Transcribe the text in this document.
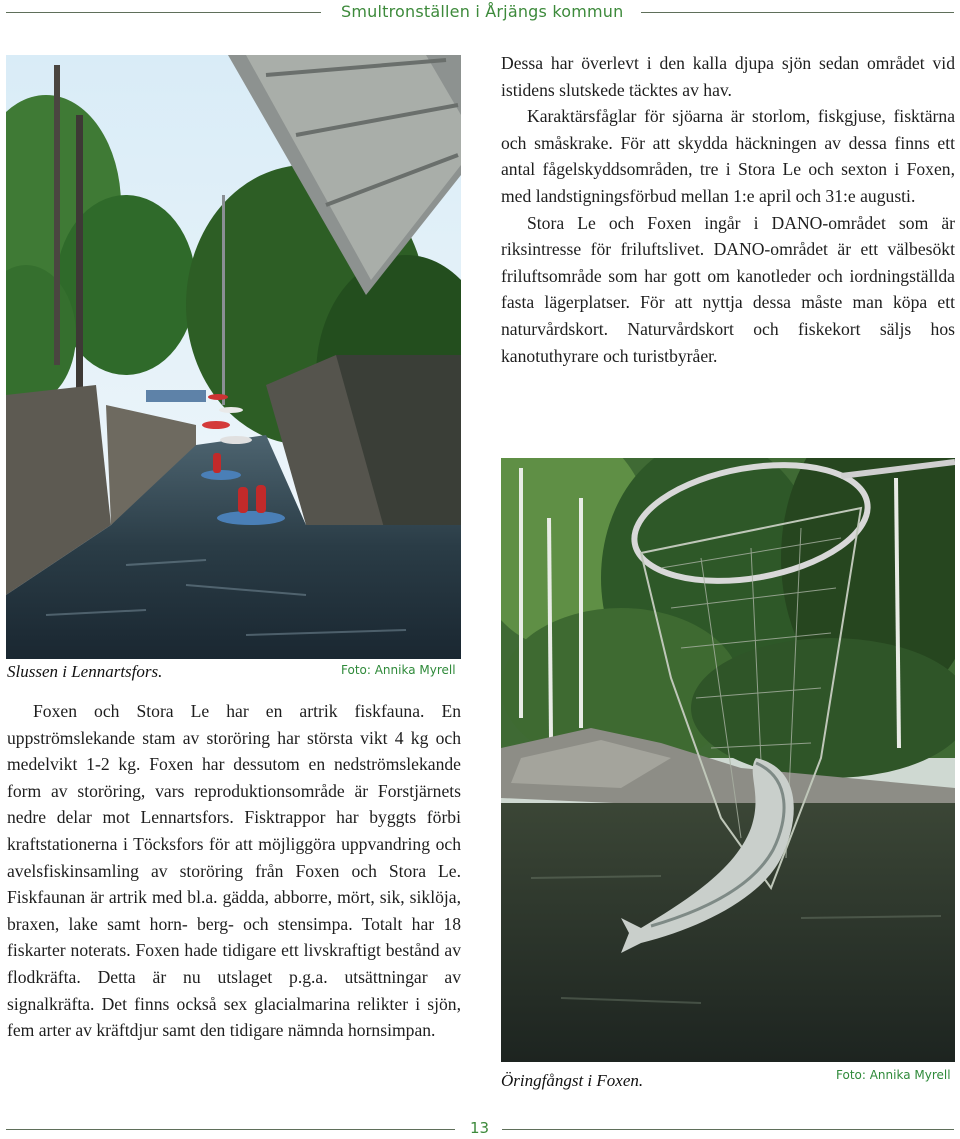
Smultronställen i Årjängs kommun
Slussen i Lennartsfors.	Foto: Annika Myrell

Dessa har överlevt i den kalla djupa sjön sedan området vid istidens slutskede täcktes av hav.

Karaktärsfåglar för sjöarna är storlom, fiskgjuse, fisktärna och småskrake. För att skydda häckningen av dessa finns ett antal fågelskyddsområden, tre i Stora Le och sexton i Foxen, med landstigningsförbud mellan 1:e april och 31:e augusti.

Stora Le och Foxen ingår i DANO-området som är riksintresse för friluftslivet. DANO-området är ett välbesökt friluftsområde som har gott om kanotleder och iordningställda fasta lägerplatser. För att nyttja dessa måste man köpa ett naturvårdskort. Naturvårdskort och fiskekort säljs hos kanotuthyrare och turistbyråer.

Öringfångst i Foxen.	Foto: Annika Myrell

Foxen och Stora Le har en artrik fiskfauna. En uppströmslekande stam av storöring har största vikt 4 kg och medelvikt 1-2 kg. Foxen har dessutom en nedströmslekande form av storöring, vars reproduktionsområde är Forstjärnets nedre delar mot Lennartsfors. Fisktrappor har byggts förbi kraftstationerna i Töcksfors för att möjliggöra uppvandring och avelsfiskinsamling av storöring från Foxen och Stora Le. Fiskfaunan är artrik med bl.a. gädda, abborre, mört, sik, siklöja, braxen, lake samt horn- berg- och stensimpa. Totalt har 18 fiskarter noterats. Foxen hade tidigare ett livskraftigt bestånd av flodkräfta. Detta är nu utslaget p.g.a. utsättningar av signalkräfta. Det finns också sex glacialmarina relikter i sjön, fem arter av kräftdjur samt den tidigare nämnda hornsimpan.

13
